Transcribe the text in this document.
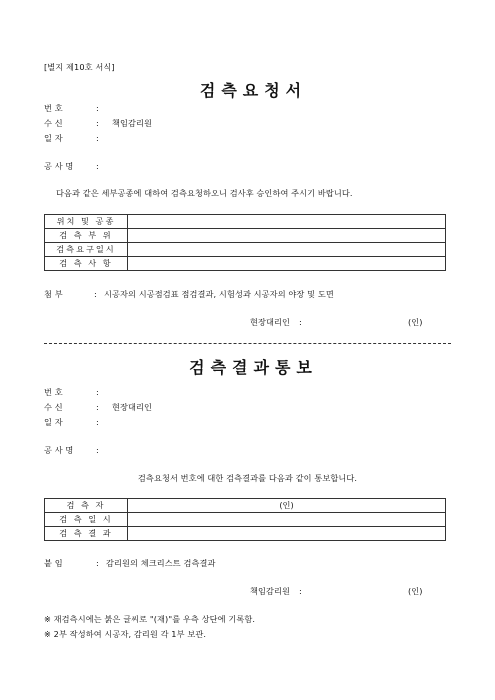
[별지 제10호 서식]
검측요청서
번 호	:
수 신	: 책임감리원
일 자	:
공 사 명	:
다음과 같은 세부공종에 대하여 검측요청하오니 검사후 승인하여 주시기 바랍니다.
위치 및 공종	
검 측 부 위	
검측요구일시	
검 측 사 항	
첨 부	: 시공자의 시공점검표 점검결과, 시험성과 시공자의 야장 및 도면
현장대리인 :	(인)
검측결과통보
번 호	:
수 신	: 현장대리인
일 자	:
공 사 명	:
검측요청서 번호에 대한 검측결과를 다음과 같이 통보합니다.
검 측 자	(인)
검 측 일 시	
검 측 결 과	
붙 임	: 감리원의 체크리스트 검측결과
책임감리원 :	(인)
※ 재검측시에는 붉은 글씨로 "(재)"를 우측 상단에 기록함.
※ 2부 작성하여 시공자, 감리원 각 1부 보관.
